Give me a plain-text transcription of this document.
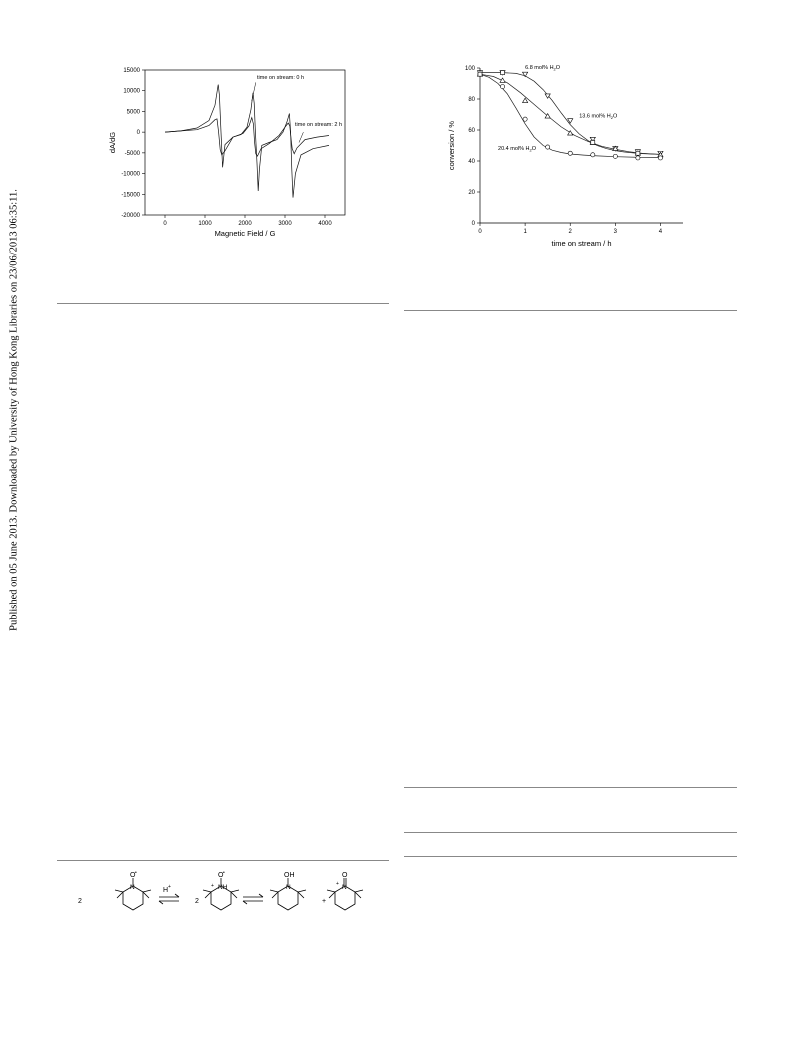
Published on 05 June 2013. Downloaded by University of Hong Kong Libraries on 23/06/2013 06:35:11.
15000
10000
5000
0
-5000
-10000
-15000
-20000
0	1000	2000	3000	4000
Magnetic Field / G
dA/dG
time on stream: 0 h
time on stream: 2 h
0
20
40
60
80
100
0	1	2	3	4
time on stream / h
conversion / %
6.8 mol% $H_2O$
13.6 mol% $H_2O$
20.4 mol% $H_2O$
2
O •
N	H +
2
O •
NH
+
OH
N
+
O
N
+
